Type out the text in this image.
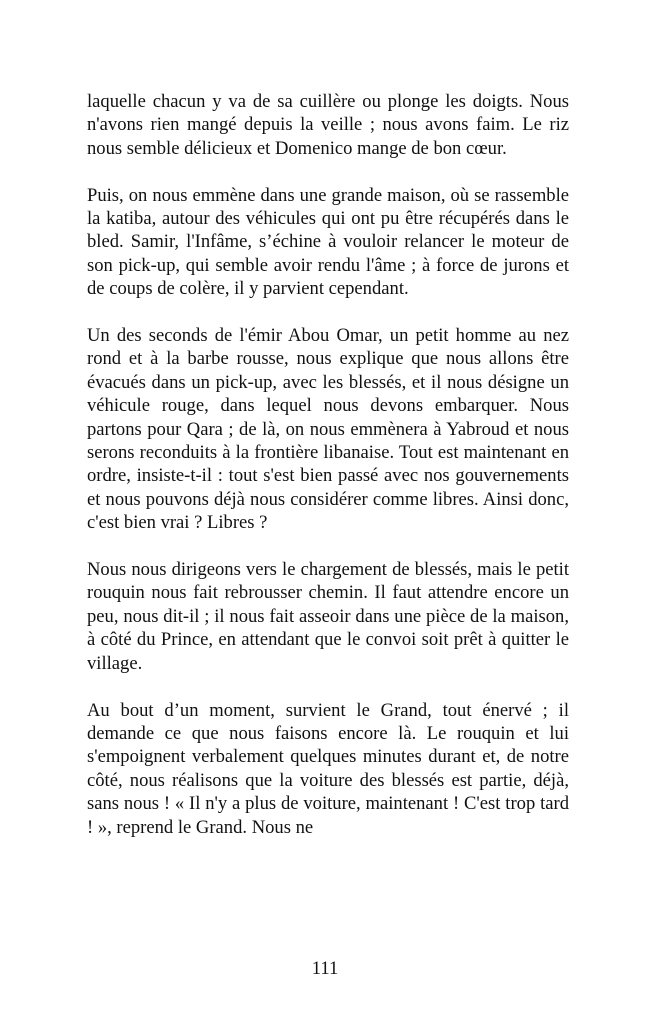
laquelle chacun y va de sa cuillère ou plonge les doigts. Nous n'avons rien mangé depuis la veille ; nous avons faim. Le riz nous semble délicieux et Domenico mange de bon cœur.

Puis, on nous emmène dans une grande maison, où se rassemble la katiba, autour des véhicules qui ont pu être récupérés dans le bled. Samir, l'Infâme, s’échine à vouloir relancer le moteur de son pick-up, qui semble avoir rendu l'âme ; à force de jurons et de coups de colère, il y parvient cependant.

Un des seconds de l'émir Abou Omar, un petit homme au nez rond et à la barbe rousse, nous explique que nous allons être évacués dans un pick-up, avec les blessés, et il nous désigne un véhicule rouge, dans lequel nous devons embarquer. Nous partons pour Qara ; de là, on nous emmènera à Yabroud et nous serons reconduits à la frontière libanaise. Tout est maintenant en ordre, insiste-t-il : tout s'est bien passé avec nos gouvernements et nous pouvons déjà nous considérer comme libres. Ainsi donc, c'est bien vrai ? Libres ?

Nous nous dirigeons vers le chargement de blessés, mais le petit rouquin nous fait rebrousser chemin. Il faut attendre encore un peu, nous dit-il ; il nous fait asseoir dans une pièce de la maison, à côté du Prince, en attendant que le convoi soit prêt à quitter le village.

Au bout d’un moment, survient le Grand, tout énervé ; il demande ce que nous faisons encore là. Le rouquin et lui s'empoignent verbalement quelques minutes durant et, de notre côté, nous réalisons que la voiture des blessés est partie, déjà, sans nous ! « Il n'y a plus de voiture, maintenant ! C'est trop tard ! », reprend le Grand. Nous ne

111
